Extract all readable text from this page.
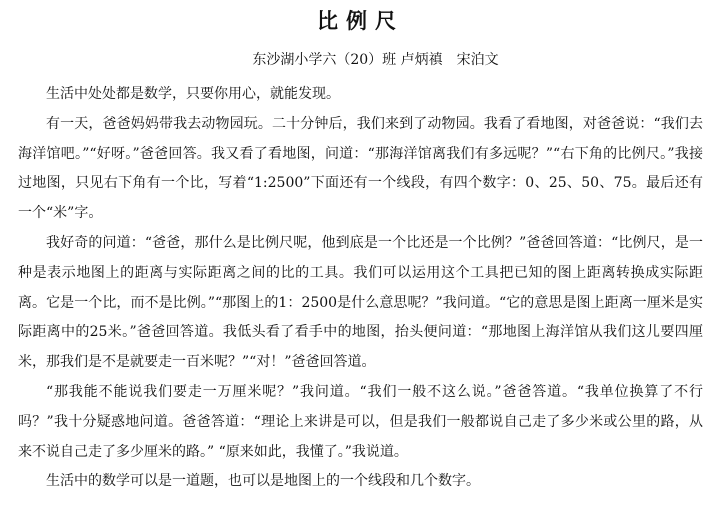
比例尺
东沙湖小学六（20）班 卢炳禛　宋泊文

生活中处处都是数学，只要你用心，就能发现。

有一天，爸爸妈妈带我去动物园玩。二十分钟后，我们来到了动物园。我看了看地图，对爸爸说：“我们去海洋馆吧。”“好呀。”爸爸回答。我又看了看地图，问道：“那海洋馆离我们有多远呢？”“右下角的比例尺。”我接过地图，只见右下角有一个比，写着“1:2500”下面还有一个线段，有四个数字：0、25、50、75。最后还有一个“米”字。

我好奇的问道：“爸爸，那什么是比例尺呢，他到底是一个比还是一个比例？”爸爸回答道：“比例尺，是一种是表示地图上的距离与实际距离之间的比的工具。我们可以运用这个工具把已知的图上距离转换成实际距离。它是一个比，而不是比例。”“那图上的1：2500是什么意思呢？”我问道。“它的意思是图上距离一厘米是实际距离中的25米。”爸爸回答道。我低头看了看手中的地图，抬头便问道：“那地图上海洋馆从我们这儿要四厘米，那我们是不是就要走一百米呢？”“对！”爸爸回答道。

“那我能不能说我们要走一万厘米呢？”我问道。“我们一般不这么说。”爸爸答道。“我单位换算了不行吗？”我十分疑惑地问道。爸爸答道：“理论上来讲是可以，但是我们一般都说自己走了多少米或公里的路，从来不说自己走了多少厘米的路。” “原来如此，我懂了。”我说道。

生活中的数学可以是一道题，也可以是地图上的一个线段和几个数字。
